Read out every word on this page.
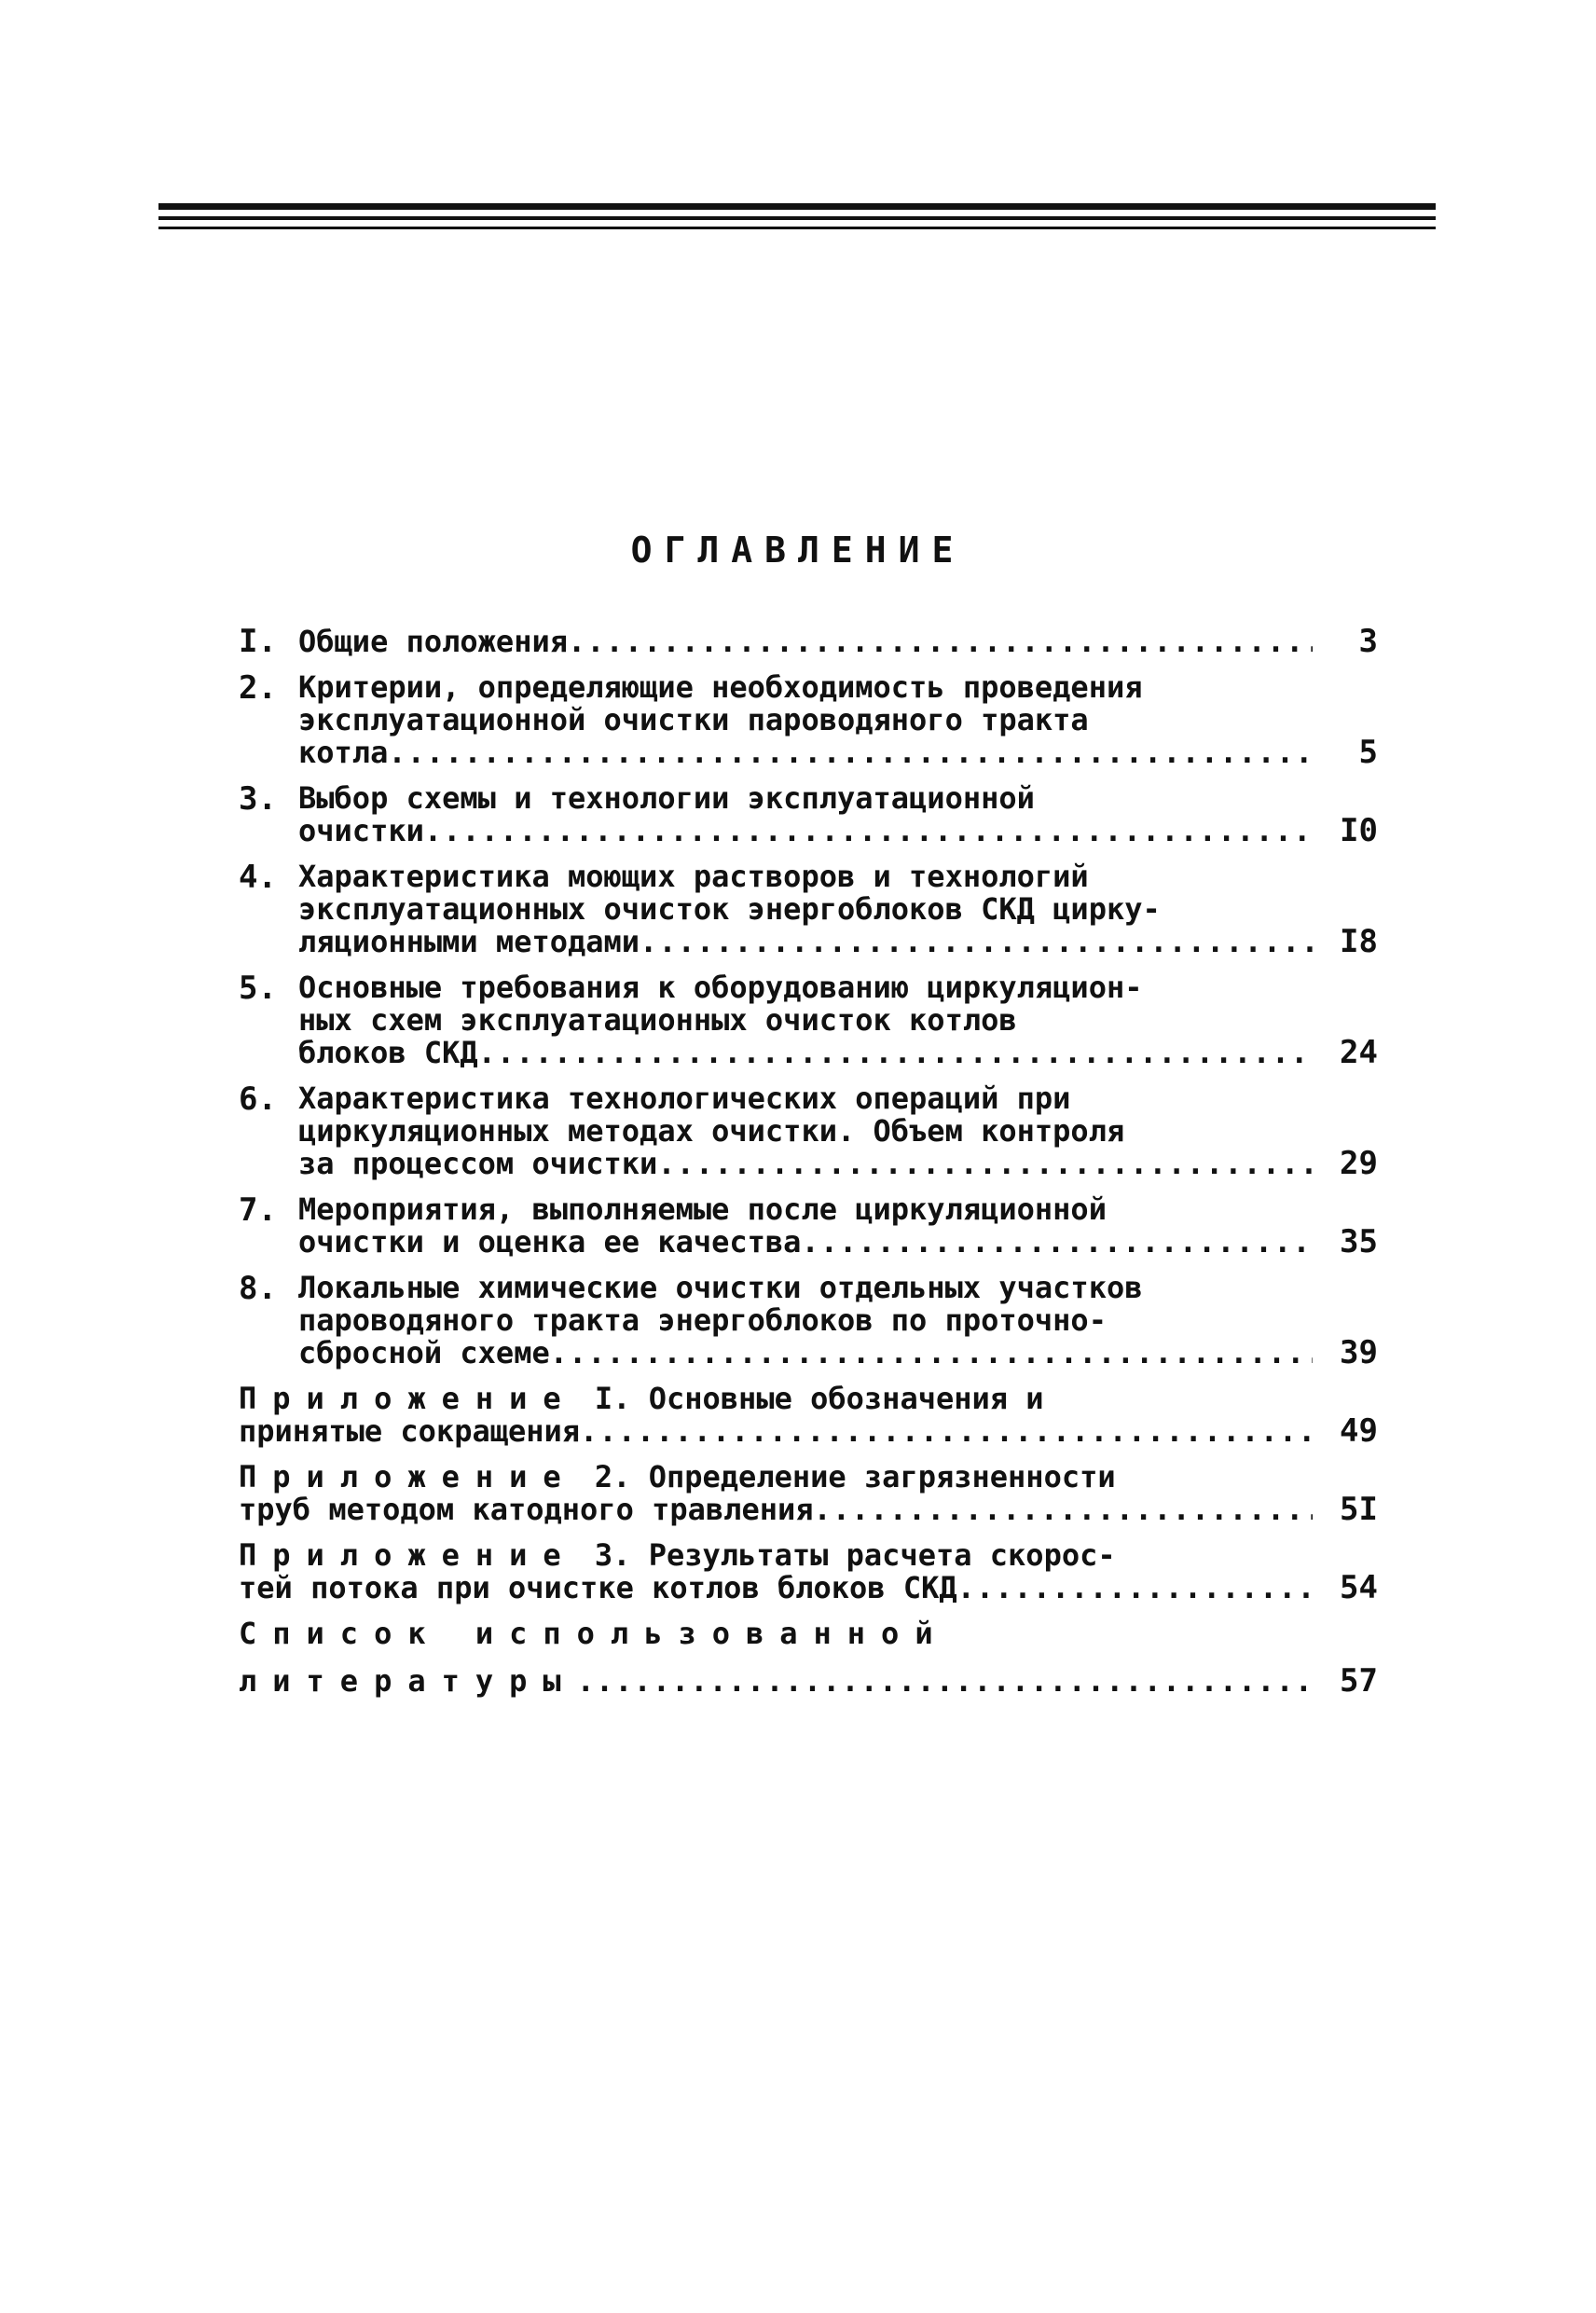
ОГЛАВЛЕНИЕ
I. Общие положения .....	3
2. Критерии, определяющие необходимость проведения
эксплуатационной очистки пароводяного тракта
котла .....	5
3. Выбор схемы и технологии эксплуатационной
очистки .....	I0
4. Характеристика моющих растворов и технологий
эксплуатационных очисток энергоблоков СКД цирку-
ляционными методами .....	I8
5. Основные требования к оборудованию циркуляцион-
ных схем эксплуатационных очисток котлов
блоков СКД .....	24
6. Характеристика технологических операций при
циркуляционных методах очистки. Объем контроля
за процессом очистки .....	29
7. Мероприятия, выполняемые после циркуляционной
очистки и оценка ее качества .....	35
8. Локальные химические очистки отдельных участков
пароводяного тракта энергоблоков по проточно-
сбросной схеме .....	39
Приложение I. Основные обозначения и
принятые сокращения .....	49
Приложение 2. Определение загрязненности
труб методом катодного травления .....	5I
Приложение 3. Результаты расчета скорос-
тей потока при очистке котлов блоков СКД .....	54
Список использованной
литературы .....	57
